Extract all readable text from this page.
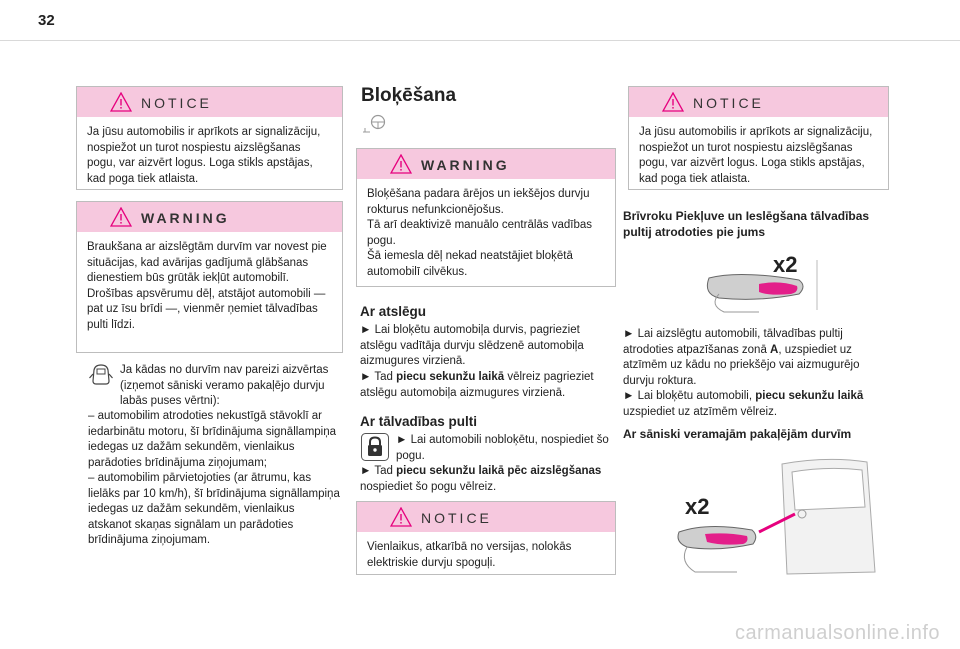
32
NOTICE

Ja jūsu automobilis ir aprīkots ar signalizāciju, nospiežot un turot nospiestu aizslēgšanas pogu, var aizvērt logus. Loga stikls apstājas, kad poga tiek atlaista.

WARNING

Braukšana ar aizslēgtām durvīm var novest pie situācijas, kad avārijas gadījumā glābšanas dienestiem būs grūtāk iekļūt automobilī.

Drošības apsvērumu dēļ, atstājot automobili — pat uz īsu brīdi —, vienmēr ņemiet tālvadības pulti līdzi.

Ja kādas no durvīm nav pareizi aizvērtas (izņemot sāniski veramo pakaļējo durvju labās puses vērtni):
– automobilim atrodoties nekustīgā stāvoklī ar iedarbinātu motoru, šī brīdinājuma signāllampiņa iedegas uz dažām sekundēm, vienlaikus parādoties brīdinājuma ziņojumam;
– automobilim pārvietojoties (ar ātrumu, kas lielāks par 10 km/h), šī brīdinājuma signāllampiņa iedegas uz dažām sekundēm, vienlaikus atskanot skaņas signālam un parādoties brīdinājuma ziņojumam.
Bloķēšana
WARNING

Bloķēšana padara ārējos un iekšējos durvju rokturus nefunkcionējošus.

Tā arī deaktivizē manuālo centrālās vadības pogu.

Šā iemesla dēļ nekad neatstājiet bloķētā automobilī cilvēkus.

Ar atslēgu
► Lai bloķētu automobiļa durvis, pagrieziet atslēgu vadītāja durvju slēdzenē automobiļa aizmugures virzienā.
► Tad piecu sekunžu laikā vēlreiz pagrieziet atslēgu automobiļa aizmugures virzienā.
Ar tālvadības pulti
► Lai automobili nobloķētu, nospiediet šo pogu.
► Tad piecu sekunžu laikā pēc aizslēgšanas nospiediet šo pogu vēlreiz.
NOTICE

Vienlaikus, atkarībā no versijas, nolokās elektriskie durvju spoguļi.

NOTICE

Ja jūsu automobilis ir aprīkots ar signalizāciju, nospiežot un turot nospiestu aizslēgšanas pogu, var aizvērt logus. Loga stikls apstājas, kad poga tiek atlaista.

Brīvroku Piekļuve un Ieslēgšana tālvadības pultij atrodoties pie jums
x2
► Lai aizslēgtu automobili, tālvadības pultij atrodoties atpazīšanas zonā A, uzspiediet uz atzīmēm uz kādu no priekšējo vai aizmugurējo durvju roktura.
► Lai bloķētu automobili, piecu sekunžu laikā uzspiediet uz atzīmēm vēlreiz.
Ar sāniski veramajām pakaļējām durvīm
x2
carmanualsonline.info
